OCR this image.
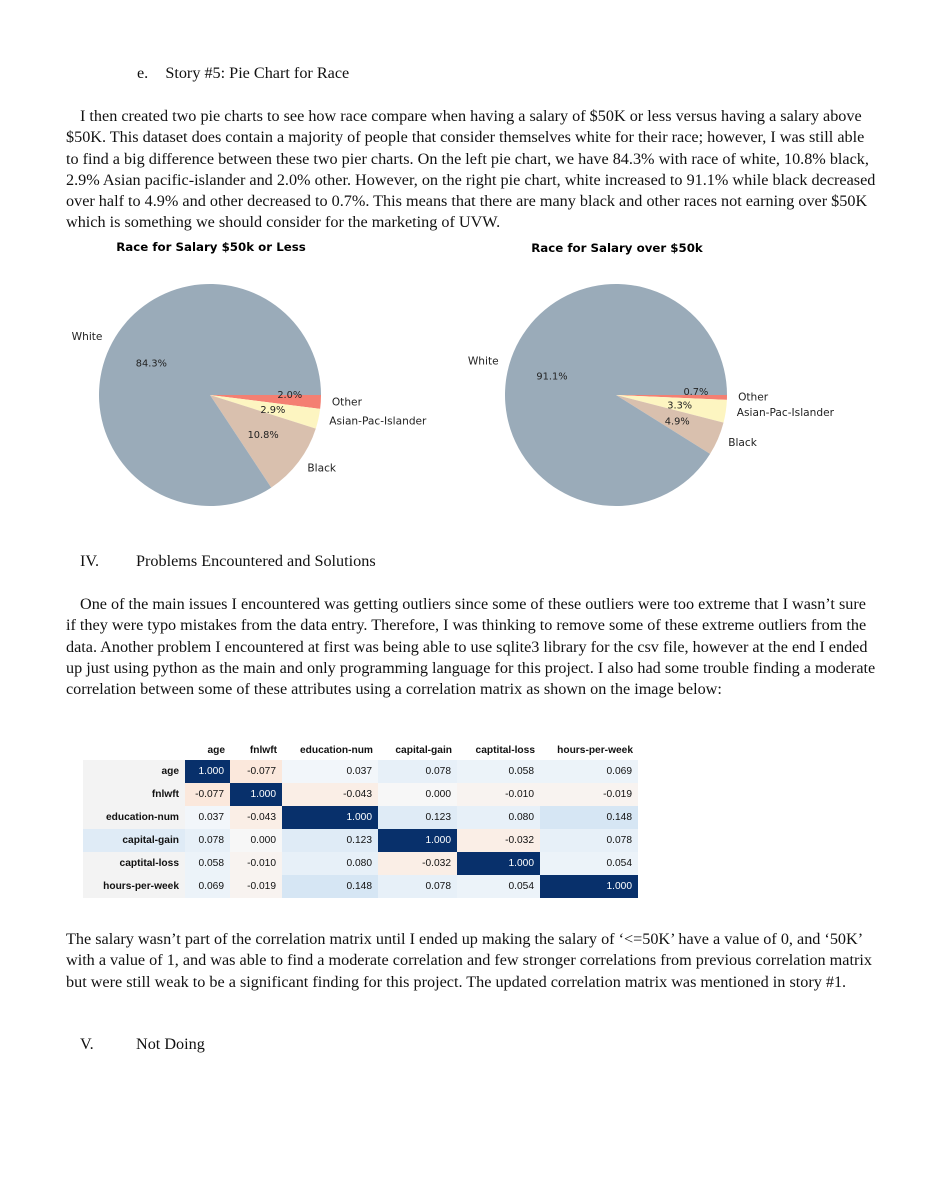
e. Story #5: Pie Chart for Race
I then created two pie charts to see how race compare when having a salary of $50K or less versus having a salary above $50K. This dataset does contain a majority of people that consider themselves white for their race; however, I was still able to find a big difference between these two pier charts. On the left pie chart, we have 84.3% with race of white, 10.8% black, 2.9% Asian pacific-islander and 2.0% other. However, on the right pie chart, white increased to 91.1% while black decreased over half to 4.9% and other decreased to 0.7%. This means that there are many black and other races not earning over $50K which is something we should consider for the marketing of UVW.
Race for Salary $50k or Less	Race for Salary over $50k
Other
2.0%
Asian-Pac-Islander
2.9%
Black
10.8%
White
84.3%
Other
0.7%
Asian-Pac-Islander
3.3%
Black
4.9%
White
91.1%
IV. Problems Encountered and Solutions
One of the main issues I encountered was getting outliers since some of these outliers were too extreme that I wasn’t sure if they were typo mistakes from the data entry. Therefore, I was thinking to remove some of these extreme outliers from the data. Another problem I encountered at first was being able to use sqlite3 library for the csv file, however at the end I ended up just using python as the main and only programming language for this project. I also had some trouble finding a moderate correlation between some of these attributes using a correlation matrix as shown on the image below:
	age	fnlwft	education-num	capital-gain	captital-loss	hours-per-week
age	1.000	-0.077	0.037	0.078	0.058	0.069
fnlwft	-0.077	1.000	-0.043	0.000	-0.010	-0.019
education-num	0.037	-0.043	1.000	0.123	0.080	0.148
capital-gain	0.078	0.000	0.123	1.000	-0.032	0.078
captital-loss	0.058	-0.010	0.080	-0.032	1.000	0.054
hours-per-week	0.069	-0.019	0.148	0.078	0.054	1.000
The salary wasn’t part of the correlation matrix until I ended up making the salary of ‘<=50K’ have a value of 0, and ‘50K’ with a value of 1, and was able to find a moderate correlation and few stronger correlations from previous correlation matrix but were still weak to be a significant finding for this project. The updated correlation matrix was mentioned in story #1.
V.	Not Doing
